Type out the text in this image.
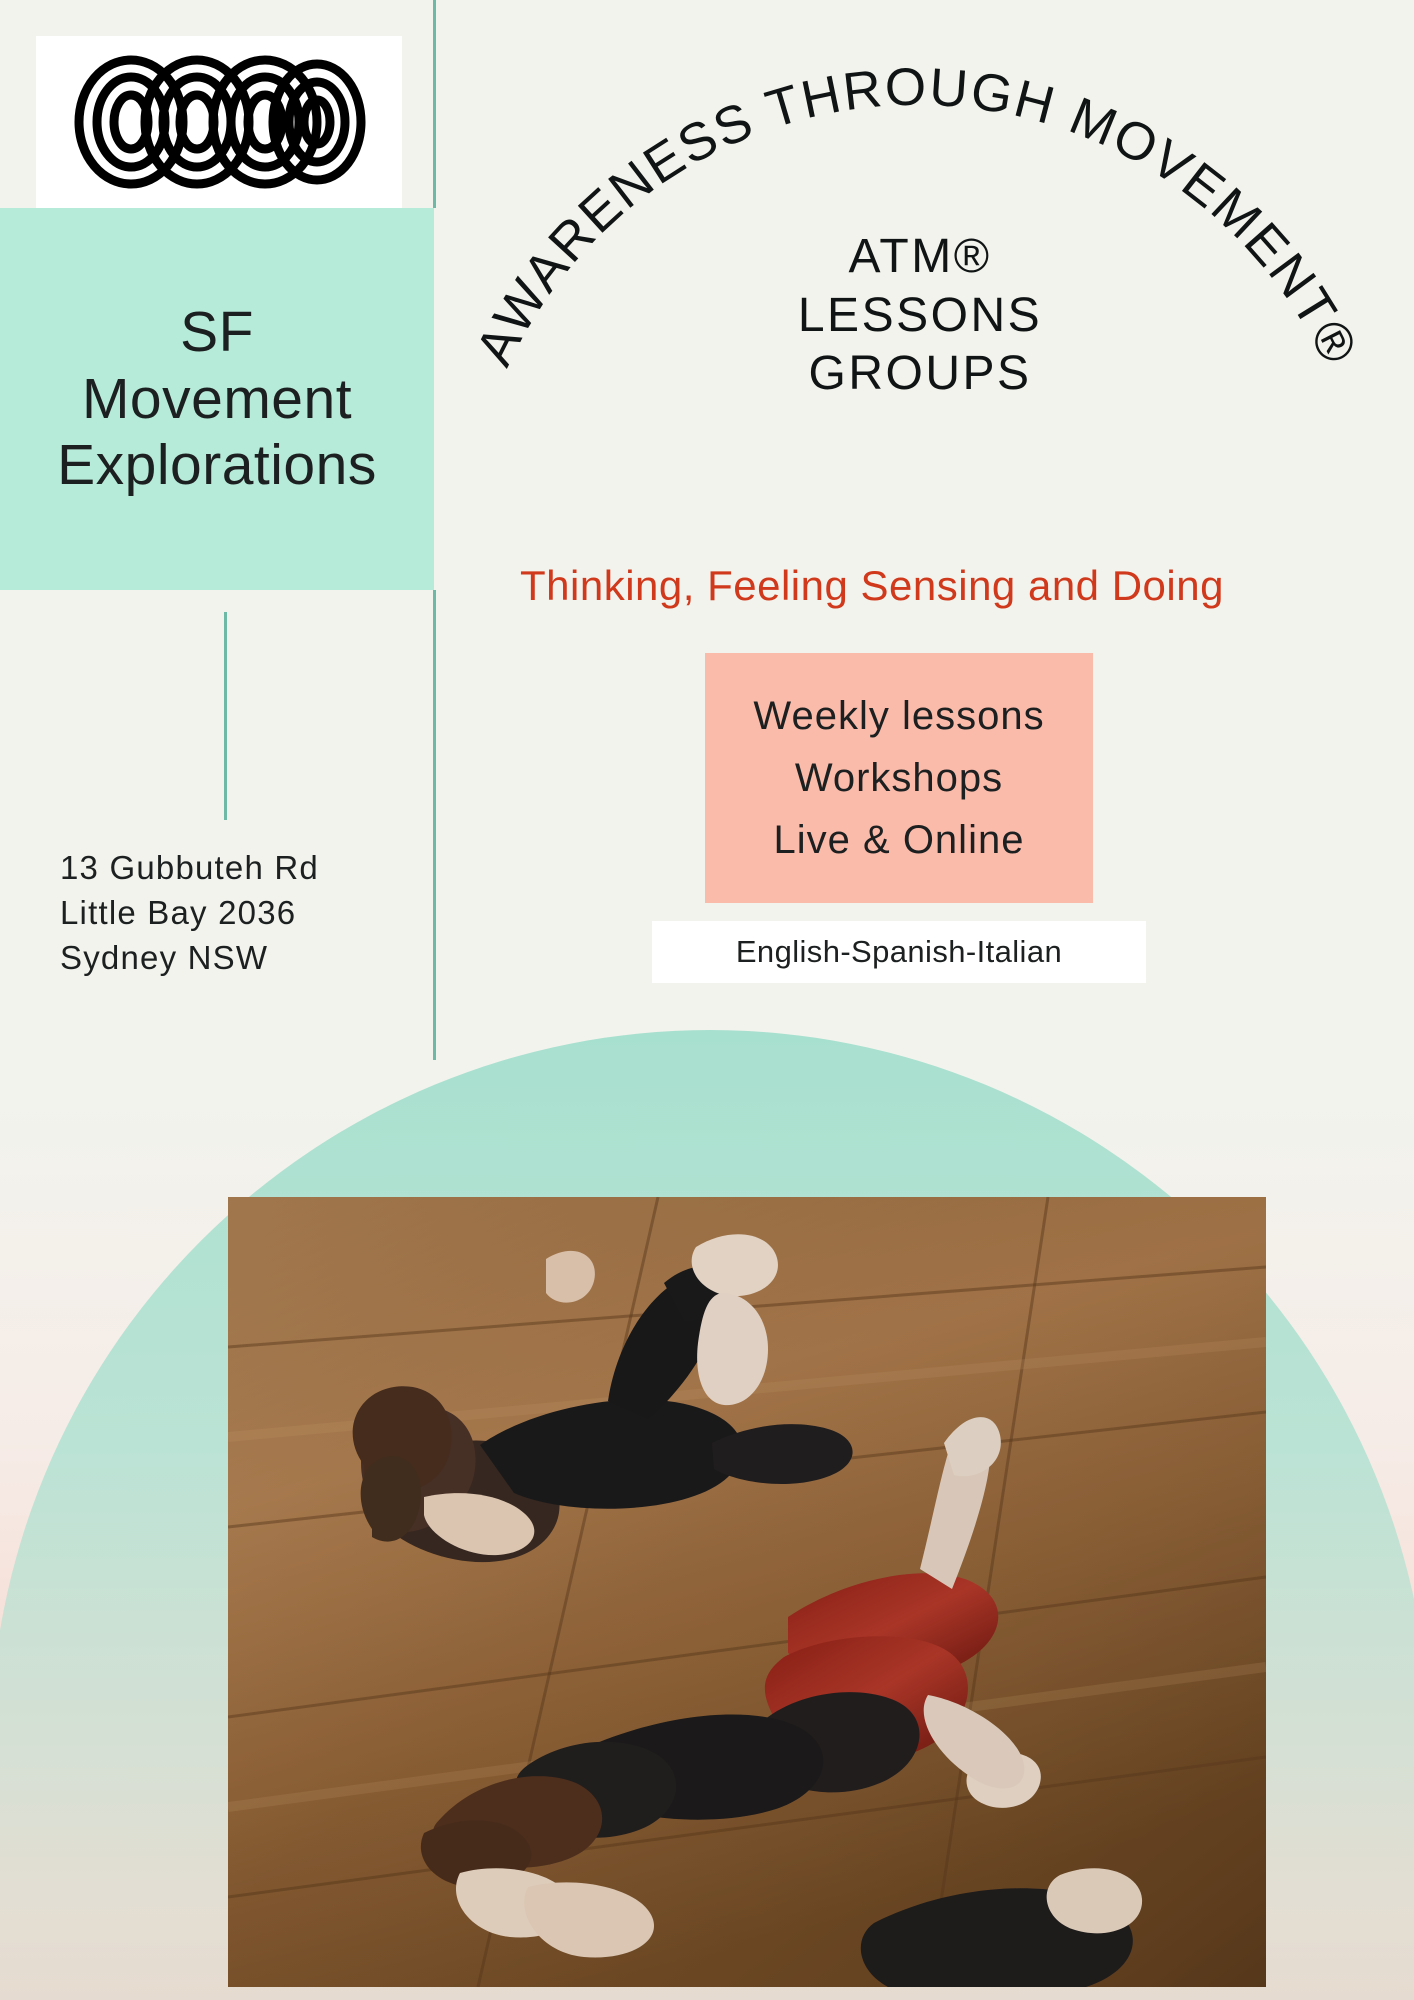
SF
Movement
Explorations
13 Gubbuteh Rd
Little Bay 2036
Sydney NSW
AWARENESS THROUGH MOVEMENT®
ATM®
LESSONS
GROUPS
Thinking, Feeling Sensing and Doing
Weekly lessons
Workshops
Live & Online
English-Spanish-Italian
